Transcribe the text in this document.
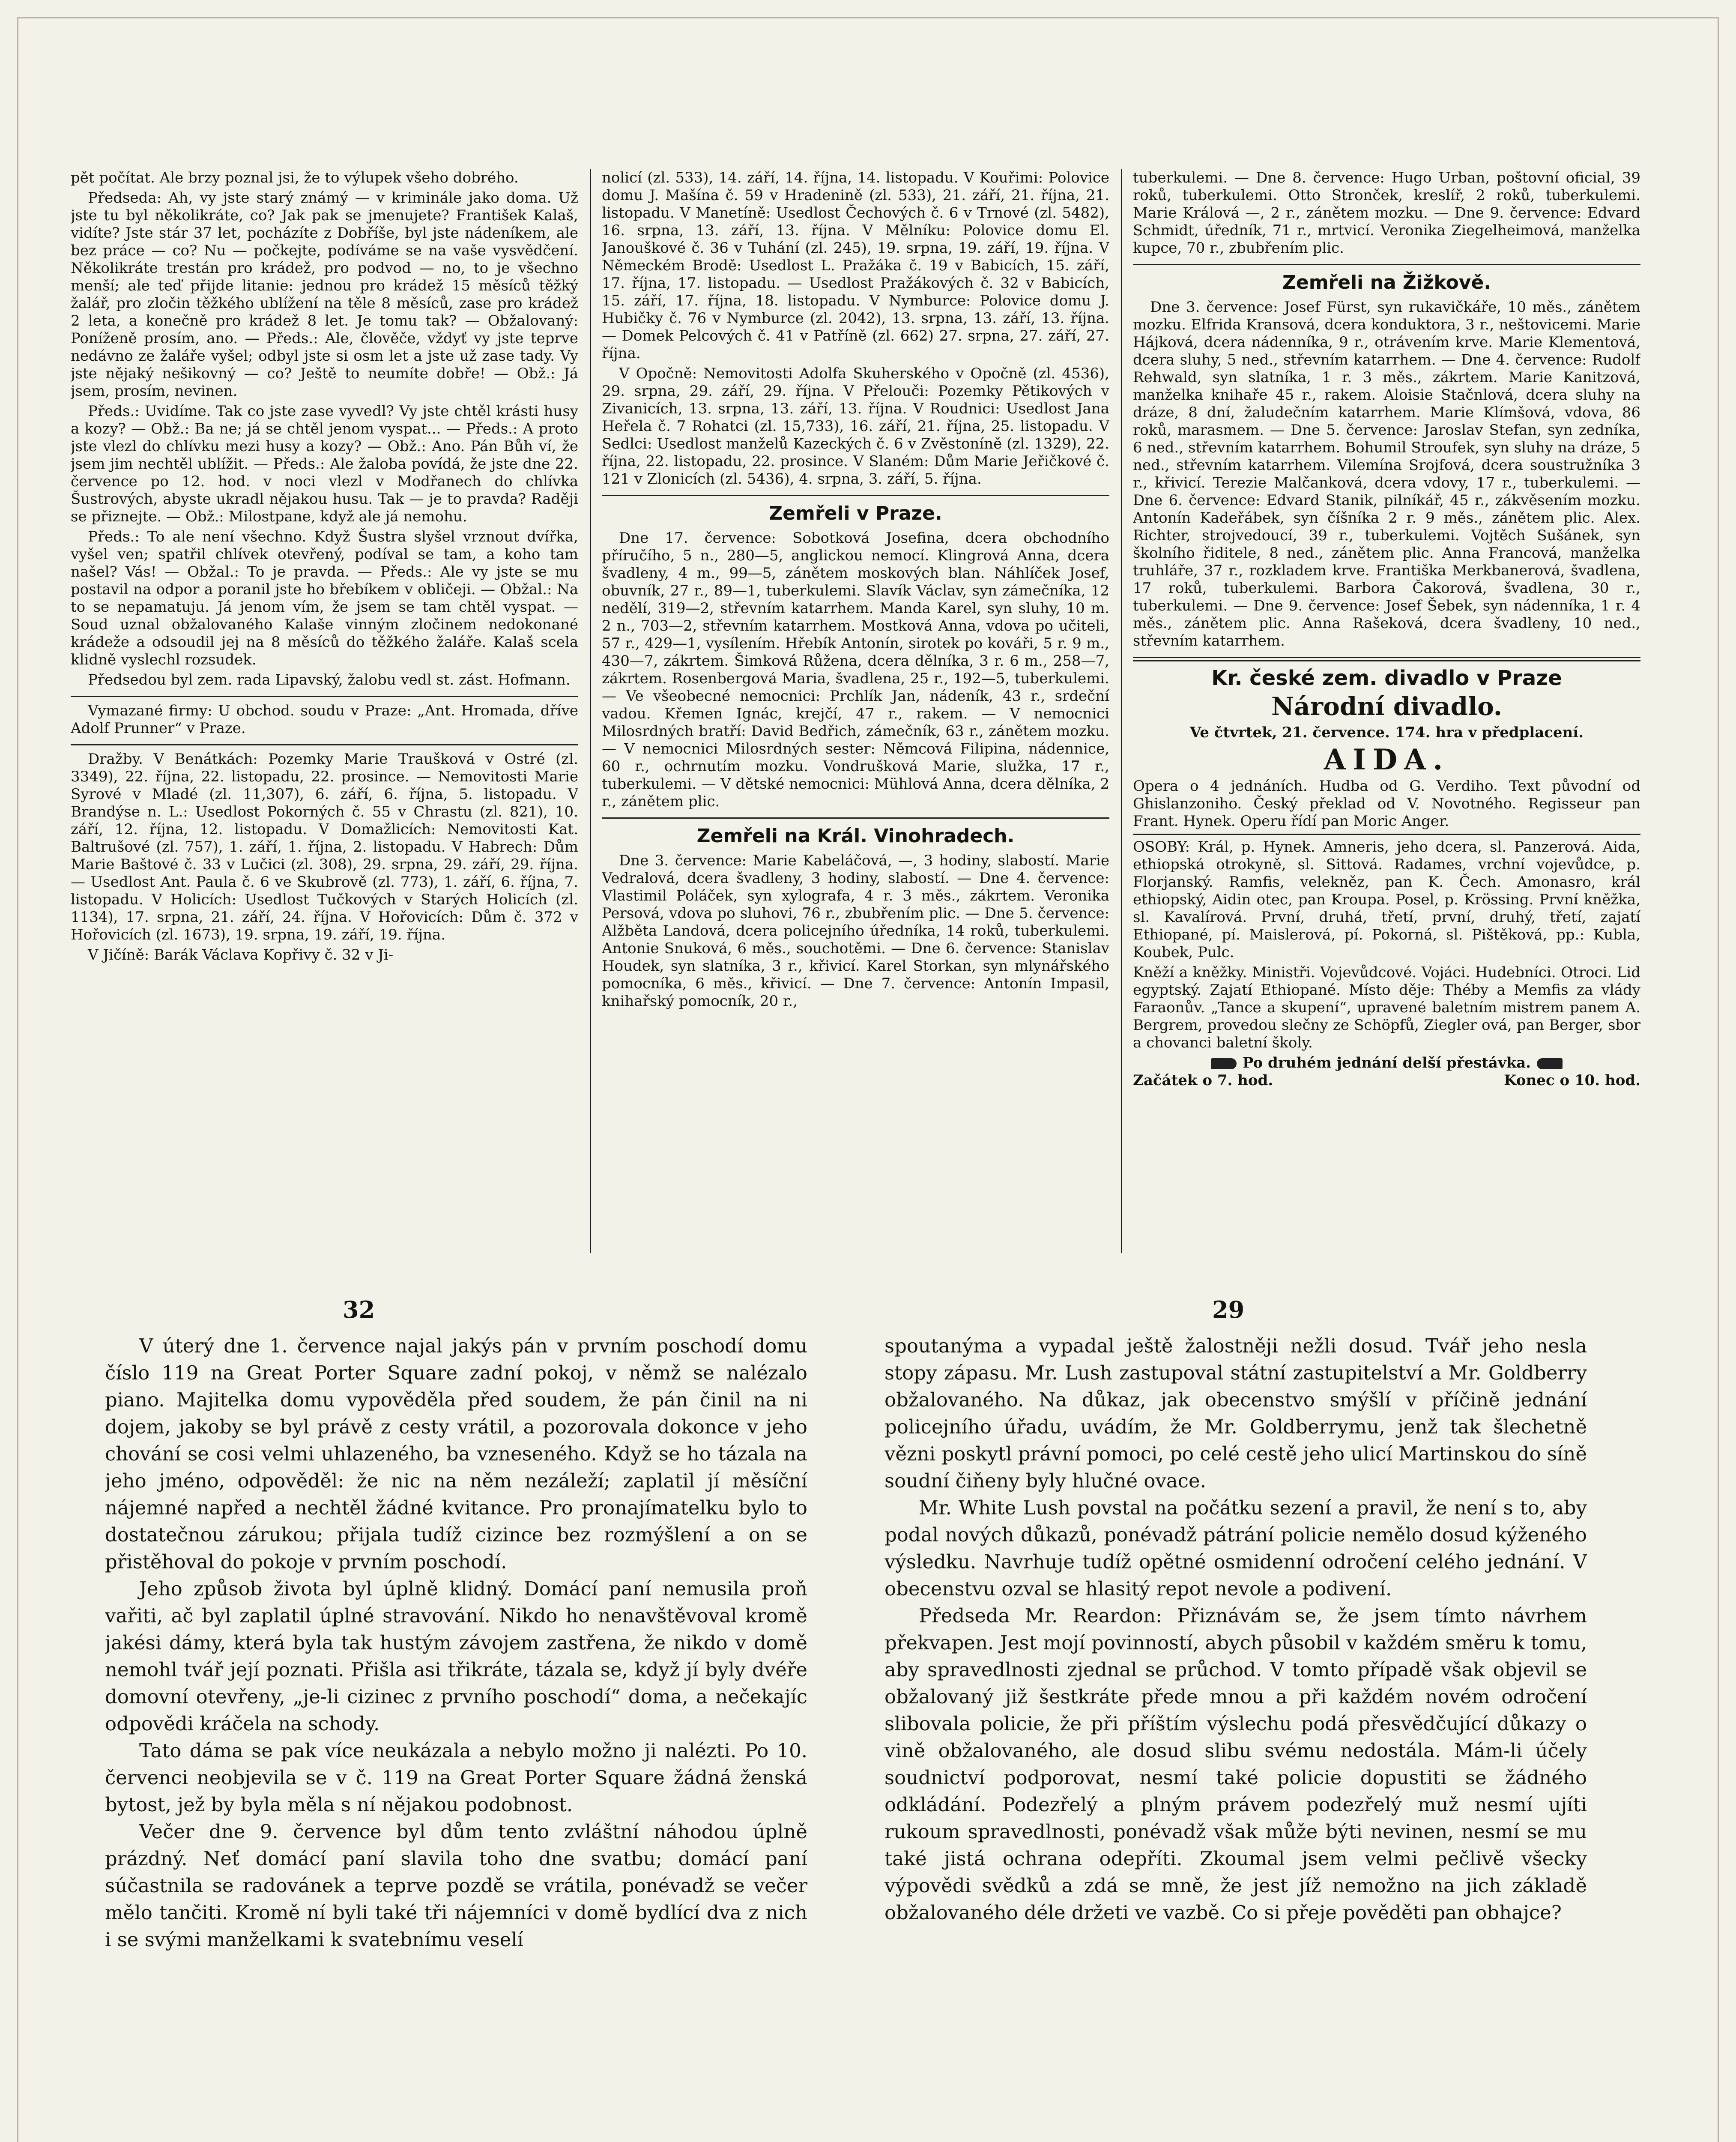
pět počítat. Ale brzy poznal jsi, že to výlupek všeho dobrého.

Předseda: Ah, vy jste starý známý — v kriminále jako doma. Už jste tu byl několikráte, co? Jak pak se jmenujete? František Kalaš, vidíte? Jste stár 37 let, pocházíte z Dobříše, byl jste nádeníkem, ale bez práce — co? Nu — počkejte, podíváme se na vaše vysvědčení. Několikráte trestán pro krádež, pro podvod — no, to je všechno menší; ale teď přijde litanie: jednou pro krádež 15 měsíců těžký žalář, pro zločin těžkého ublížení na těle 8 měsíců, zase pro krádež 2 leta, a konečně pro krádež 8 let. Je tomu tak? — Obžalovaný: Poníženě prosím, ano. — Předs.: Ale, člověče, vždyť vy jste teprve nedávno ze žaláře vyšel; odbyl jste si osm let a jste už zase tady. Vy jste nějaký nešikovný — co? Ještě to neumíte dobře! — Obž.: Já jsem, prosím, nevinen.

Předs.: Uvidíme. Tak co jste zase vyvedl? Vy jste chtěl krásti husy a kozy? — Obž.: Ba ne; já se chtěl jenom vyspat... — Předs.: A proto jste vlezl do chlívku mezi husy a kozy? — Obž.: Ano. Pán Bůh ví, že jsem jim nechtěl ublížit. — Předs.: Ale žaloba povídá, že jste dne 22. července po 12. hod. v noci vlezl v Modřanech do chlívka Šustrových, abyste ukradl nějakou husu. Tak — je to pravda? Raději se přiznejte. — Obž.: Milostpane, když ale já nemohu.

Předs.: To ale není všechno. Když Šustra slyšel vrznout dvířka, vyšel ven; spatřil chlívek otevřený, podíval se tam, a koho tam našel? Vás! — Obžal.: To je pravda. — Předs.: Ale vy jste se mu postavil na odpor a poranil jste ho břebíkem v obličeji. — Obžal.: Na to se nepamatuju. Já jenom vím, že jsem se tam chtěl vyspat. — Soud uznal obžalovaného Kalaše vinným zločinem nedokonané krádeže a odsoudil jej na 8 měsíců do těžkého žaláře. Kalaš scela klidně vyslechl rozsudek.

Předsedou byl zem. rada Lipavský, žalobu vedl st. zást. Hofmann.

Vymazané firmy: U obchod. soudu v Praze: „Ant. Hromada, dříve Adolf Prunner“ v Praze.

Dražby. V Benátkách: Pozemky Marie Traušková v Ostré (zl. 3349), 22. října, 22. listopadu, 22. prosince. — Nemovitosti Marie Syrové v Mladé (zl. 11,307), 6. září, 6. října, 5. listopadu. V Brandýse n. L.: Usedlost Pokorných č. 55 v Chrastu (zl. 821), 10. září, 12. října, 12. listopadu. V Domažlicích: Nemovitosti Kat. Baltrušové (zl. 757), 1. září, 1. října, 2. listopadu. V Habrech: Dům Marie Baštové č. 33 v Lučici (zl. 308), 29. srpna, 29. září, 29. října. — Usedlost Ant. Paula č. 6 ve Skubrově (zl. 773), 1. září, 6. října, 7. listopadu. V Holicích: Usedlost Tučkových v Starých Holicích (zl. 1134), 17. srpna, 21. září, 24. října. V Hořovicích: Dům č. 372 v Hořovicích (zl. 1673), 19. srpna, 19. září, 19. října.

V Jičíně: Barák Václava Kopřivy č. 32 v Ji-

nolicí (zl. 533), 14. září, 14. října, 14. listopadu. V Kouřimi: Polovice domu J. Mašína č. 59 v Hradenině (zl. 533), 21. září, 21. října, 21. listopadu. V Manetíně: Usedlost Čechových č. 6 v Trnové (zl. 5482), 16. srpna, 13. září, 13. října. V Mělníku: Polovice domu El. Janouškové č. 36 v Tuhání (zl. 245), 19. srpna, 19. září, 19. října. V Německém Brodě: Usedlost L. Pražáka č. 19 v Babicích, 15. září, 17. října, 17. listopadu. — Usedlost Pražákových č. 32 v Babicích, 15. září, 17. října, 18. listopadu. V Nymburce: Polovice domu J. Hubičky č. 76 v Nymburce (zl. 2042), 13. srpna, 13. září, 13. října. — Domek Pelcových č. 41 v Patříně (zl. 662) 27. srpna, 27. září, 27. října.

V Opočně: Nemovitosti Adolfa Skuherského v Opočně (zl. 4536), 29. srpna, 29. září, 29. října. V Přelouči: Pozemky Pětikových v Zivanicích, 13. srpna, 13. září, 13. října. V Roudnici: Usedlost Jana Heřela č. 7 Rohatci (zl. 15,733), 16. září, 21. října, 25. listopadu. V Sedlci: Usedlost manželů Kazeckých č. 6 v Zvěstoníně (zl. 1329), 22. října, 22. listopadu, 22. prosince. V Slaném: Dům Marie Jeřičkové č. 121 v Zlonicích (zl. 5436), 4. srpna, 3. září, 5. října.

Zemřeli v Praze.

Dne 17. července: Sobotková Josefina, dcera obchodního příručího, 5 n., 280—5, anglickou nemocí. Klingrová Anna, dcera švadleny, 4 m., 99—5, zánětem moskových blan. Náhlíček Josef, obuvník, 27 r., 89—1, tuberkulemi. Slavík Václav, syn zámečníka, 12 nedělí, 319—2, střevním katarrhem. Manda Karel, syn sluhy, 10 m. 2 n., 703—2, střevním katarrhem. Mostková Anna, vdova po učiteli, 57 r., 429—1, vysílením. Hřebík Antonín, sirotek po kováři, 5 r. 9 m., 430—7, zákrtem. Šimková Růžena, dcera dělníka, 3 r. 6 m., 258—7, zákrtem. Rosenbergová Maria, švadlena, 25 r., 192—5, tuberkulemi. — Ve všeobecné nemocnici: Prchlík Jan, nádeník, 43 r., srdeční vadou. Křemen Ignác, krejčí, 47 r., rakem. — V nemocnici Milosrdných bratří: David Bedřich, zámečník, 63 r., zánětem mozku. — V nemocnici Milosrdných sester: Němcová Filipina, nádennice, 60 r., ochrnutím mozku. Vondrušková Marie, služka, 17 r., tuberkulemi. — V dětské nemocnici: Mühlová Anna, dcera dělníka, 2 r., zánětem plic.

Zemřeli na Král. Vinohradech.

Dne 3. července: Marie Kabeláčová, —, 3 hodiny, slabostí. Marie Vedralová, dcera švadleny, 3 hodiny, slabostí. — Dne 4. července: Vlastimil Poláček, syn xylografa, 4 r. 3 měs., zákrtem. Veronika Persová, vdova po sluhovi, 76 r., zbubřením plic. — Dne 5. července: Alžběta Landová, dcera policejního úředníka, 14 roků, tuberkulemi. Antonie Snuková, 6 měs., souchotěmi. — Dne 6. července: Stanislav Houdek, syn slatníka, 3 r., křivicí. Karel Storkan, syn mlynářského pomocníka, 6 měs., křivicí. — Dne 7. července: Antonín Impasil, knihařský pomocník, 20 r.,

tuberkulemi. — Dne 8. července: Hugo Urban, poštovní oficial, 39 roků, tuberkulemi. Otto Stronček, kreslíř, 2 roků, tuberkulemi. Marie Králová —, 2 r., zánětem mozku. — Dne 9. července: Edvard Schmidt, úředník, 71 r., mrtvicí. Veronika Ziegelheimová, manželka kupce, 70 r., zbubřením plic.

Zemřeli na Žižkově.

Dne 3. července: Josef Fürst, syn rukavičkáře, 10 měs., zánětem mozku. Elfrida Kransová, dcera konduktora, 3 r., neštovicemi. Marie Hájková, dcera nádenníka, 9 r., otrávením krve. Marie Klementová, dcera sluhy, 5 ned., střevním katarrhem. — Dne 4. července: Rudolf Rehwald, syn slatníka, 1 r. 3 měs., zákrtem. Marie Kanitzová, manželka knihaře 45 r., rakem. Aloisie Stačnlová, dcera sluhy na dráze, 8 dní, žaludečním katarrhem. Marie Klímšová, vdova, 86 roků, marasmem. — Dne 5. července: Jaroslav Stefan, syn zedníka, 6 ned., střevním katarrhem. Bohumil Stroufek, syn sluhy na dráze, 5 ned., střevním katarrhem. Vilemína Srojfová, dcera soustružníka 3 r., křivicí. Terezie Malčanková, dcera vdovy, 17 r., tuberkulemi. — Dne 6. července: Edvard Stanik, pilníkář, 45 r., zákvěsením mozku. Antonín Kadeřábek, syn číšníka 2 r. 9 měs., zánětem plic. Alex. Richter, strojvedoucí, 39 r., tuberkulemi. Vojtěch Sušánek, syn školního řiditele, 8 ned., zánětem plic. Anna Francová, manželka truhláře, 37 r., rozkladem krve. Františka Merkbanerová, švadlena, 17 roků, tuberkulemi. Barbora Čakorová, švadlena, 30 r., tuberkulemi. — Dne 9. července: Josef Šebek, syn nádenníka, 1 r. 4 měs., zánětem plic. Anna Rašeková, dcera švadleny, 10 ned., střevním katarrhem.

Kr. české zem. divadlo v Praze
Národní divadlo.
Ve čtvrtek, 21. července. 174. hra v předplacení.
AIDA.

Opera o 4 jednáních. Hudba od G. Verdiho. Text původní od Ghislanzoniho. Český překlad od V. Novotného. Regisseur pan Frant. Hynek. Operu řídí pan Moric Anger.

OSOBY: Král, p. Hynek. Amneris, jeho dcera, sl. Panzerová. Aida, ethiopská otrokyně, sl. Sittová. Radames, vrchní vojevůdce, p. Florjanský. Ramfis, velekněz, pan K. Čech. Amonasro, král ethiopský, Aidin otec, pan Kroupa. Posel, p. Krössing. První kněžka, sl. Kavalírová. První, druhá, třetí, první, druhý, třetí, zajatí Ethiopané, pí. Maislerová, pí. Pokorná, sl. Pištěková, pp.: Kubla, Koubek, Pulc.

Kněží a kněžky. Ministři. Vojevůdcové. Vojáci. Hudebníci. Otroci. Lid egyptský. Zajatí Ethiopané. Místo děje: Théby a Memfis za vlády Faraonův. „Tance a skupení“, upravené baletním mistrem panem A. Bergrem, provedou slečny ze Schöpfů, Ziegler ová, pan Berger, sbor a chovanci baletní školy.

Po druhém jednání delší přestávka.
Začátek o 7. hod.	Konec o 10. hod.
32	29

V úterý dne 1. července najal jakýs pán v prvním poschodí domu číslo 119 na Great Porter Square zadní pokoj, v němž se nalézalo piano. Majitelka domu vypověděla před soudem, že pán činil na ni dojem, jakoby se byl právě z cesty vrátil, a pozorovala dokonce v jeho chování se cosi velmi uhlazeného, ba vzneseného. Když se ho tázala na jeho jméno, odpověděl: že nic na něm nezáleží; zaplatil jí měsíční nájemné napřed a nechtěl žádné kvitance. Pro pronajímatelku bylo to dostatečnou zárukou; přijala tudíž cizince bez rozmýšlení a on se přistěhoval do pokoje v prvním poschodí.

Jeho způsob života byl úplně klidný. Domácí paní nemusila proň vařiti, ač byl zaplatil úplné stravování. Nikdo ho nenavštěvoval kromě jakési dámy, která byla tak hustým závojem zastřena, že nikdo v domě nemohl tvář její poznati. Přišla asi třikráte, tázala se, když jí byly dvéře domovní otevřeny, „je-li cizinec z prvního poschodí“ doma, a nečekajíc odpovědi kráčela na schody.

Tato dáma se pak více neukázala a nebylo možno ji nalézti. Po 10. červenci neobjevila se v č. 119 na Great Porter Square žádná ženská bytost, jež by byla měla s ní nějakou podobnost.

Večer dne 9. července byl dům tento zvláštní náhodou úplně prázdný. Neť domácí paní slavila toho dne svatbu; domácí paní súčastnila se radovánek a teprve pozdě se vrátila, ponévadž se večer mělo tančiti. Kromě ní byli také tři nájemníci v domě bydlící dva z nich i se svými manželkami k svatebnímu veselí

spoutanýma a vypadal ještě žalostněji nežli dosud. Tvář jeho nesla stopy zápasu. Mr. Lush zastupoval státní zastupitelství a Mr. Goldberry obžalovaného. Na důkaz, jak obecenstvo smýšlí v příčině jednání policejního úřadu, uvádím, že Mr. Goldberrymu, jenž tak šlechetně vězni poskytl právní pomoci, po celé cestě jeho ulicí Martinskou do síně soudní čiňeny byly hlučné ovace.

Mr. White Lush povstal na počátku sezení a pravil, že není s to, aby podal nových důkazů, ponévadž pátrání policie nemělo dosud kýženého výsledku. Navrhuje tudíž opětné osmidenní odročení celého jednání. V obecenstvu ozval se hlasitý repot nevole a podivení.

Předseda Mr. Reardon: Přiznávám se, že jsem tímto návrhem překvapen. Jest mojí povinností, abych působil v každém směru k tomu, aby spravedlnosti zjednal se průchod. V tomto případě však objevil se obžalovaný již šestkráte přede mnou a při každém novém odročení slibovala policie, že při příštím výslechu podá přesvědčující důkazy o vině obžalovaného, ale dosud slibu svému nedostála. Mám-li účely soudnictví podporovat, nesmí také policie dopustiti se žádného odkládání. Podezřelý a plným právem podezřelý muž nesmí ujíti rukoum spravedlnosti, ponévadž však může býti nevinen, nesmí se mu také jistá ochrana odepříti. Zkoumal jsem velmi pečlivě všecky výpovědi svědků a zdá se mně, že jest jíž nemožno na jich základě obžalovaného déle držeti ve vazbě. Co si přeje pověděti pan obhajce?
